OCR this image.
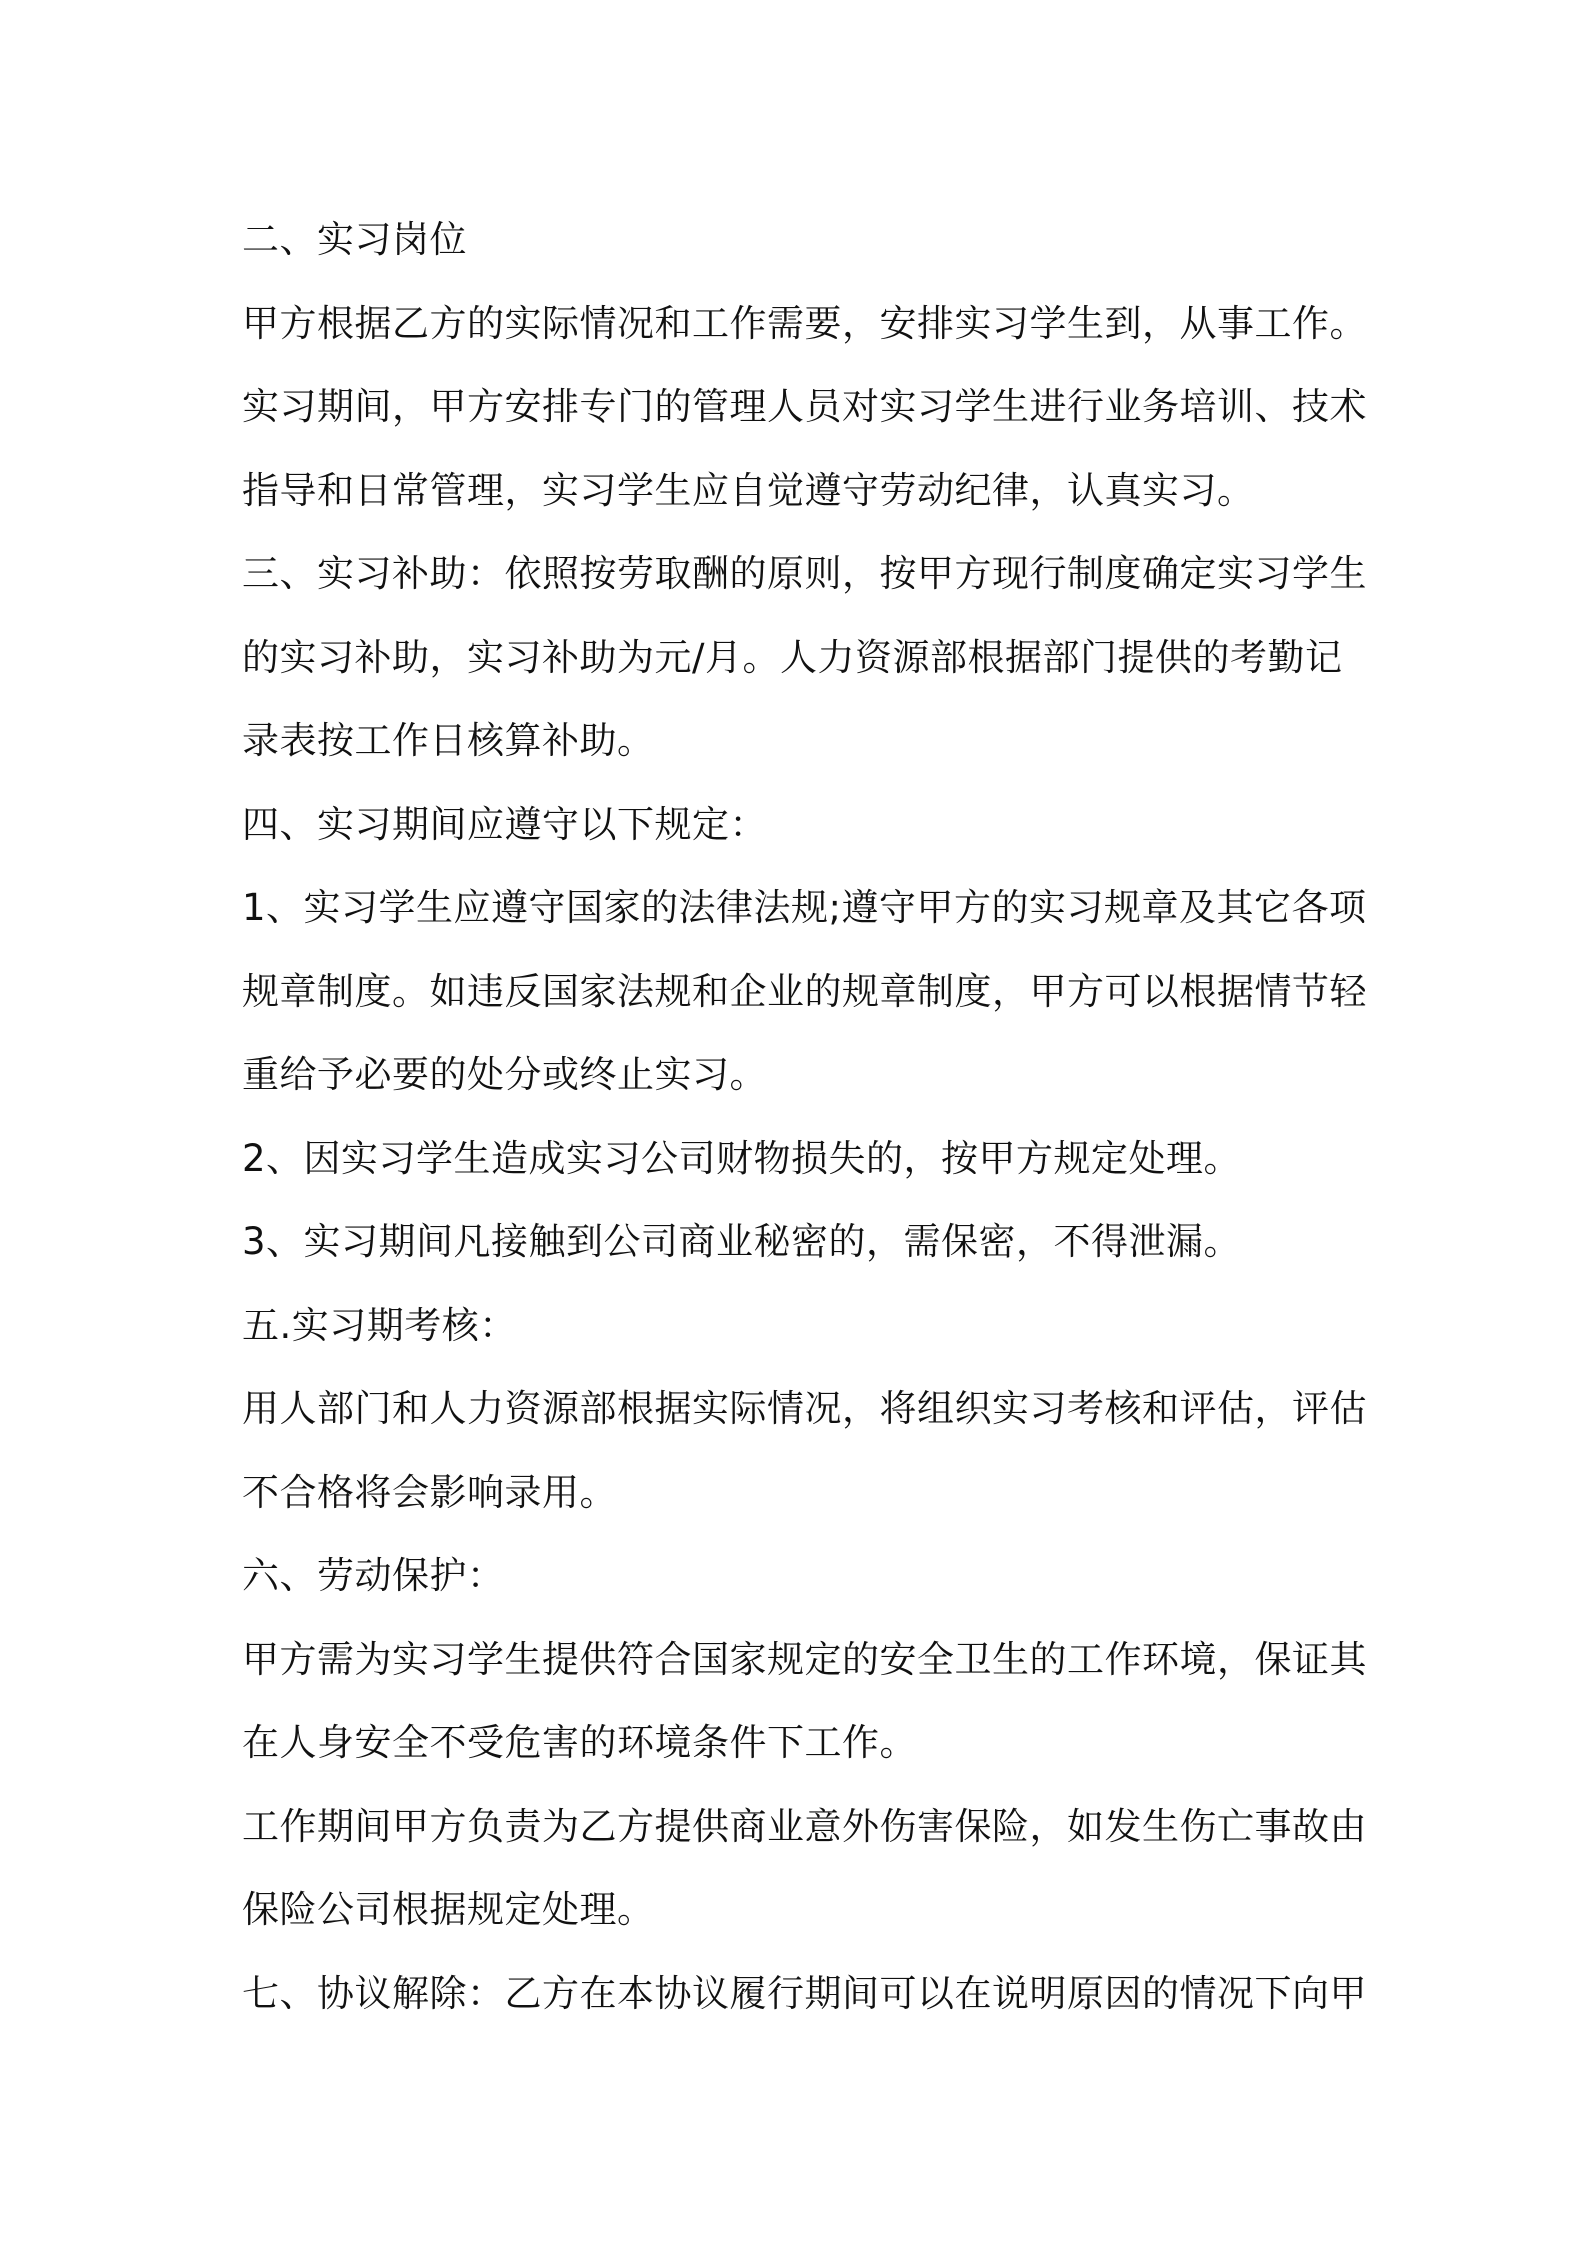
二、实习岗位
甲方根据乙方的实际情况和工作需要，安排实习学生到，从事工作。
实习期间，甲方安排专门的管理人员对实习学生进行业务培训、技术
指导和日常管理，实习学生应自觉遵守劳动纪律，认真实习。
三、实习补助：依照按劳取酬的原则，按甲方现行制度确定实习学生
的实习补助，实习补助为元/月。人力资源部根据部门提供的考勤记
录表按工作日核算补助。
四、实习期间应遵守以下规定：
1、实习学生应遵守国家的法律法规;遵守甲方的实习规章及其它各项
规章制度。如违反国家法规和企业的规章制度，甲方可以根据情节轻
重给予必要的处分或终止实习。
2、因实习学生造成实习公司财物损失的，按甲方规定处理。
3、实习期间凡接触到公司商业秘密的，需保密，不得泄漏。
五.实习期考核：
用人部门和人力资源部根据实际情况，将组织实习考核和评估，评估
不合格将会影响录用。
六、劳动保护：
甲方需为实习学生提供符合国家规定的安全卫生的工作环境，保证其
在人身安全不受危害的环境条件下工作。
工作期间甲方负责为乙方提供商业意外伤害保险，如发生伤亡事故由
保险公司根据规定处理。
七、协议解除：乙方在本协议履行期间可以在说明原因的情况下向甲
